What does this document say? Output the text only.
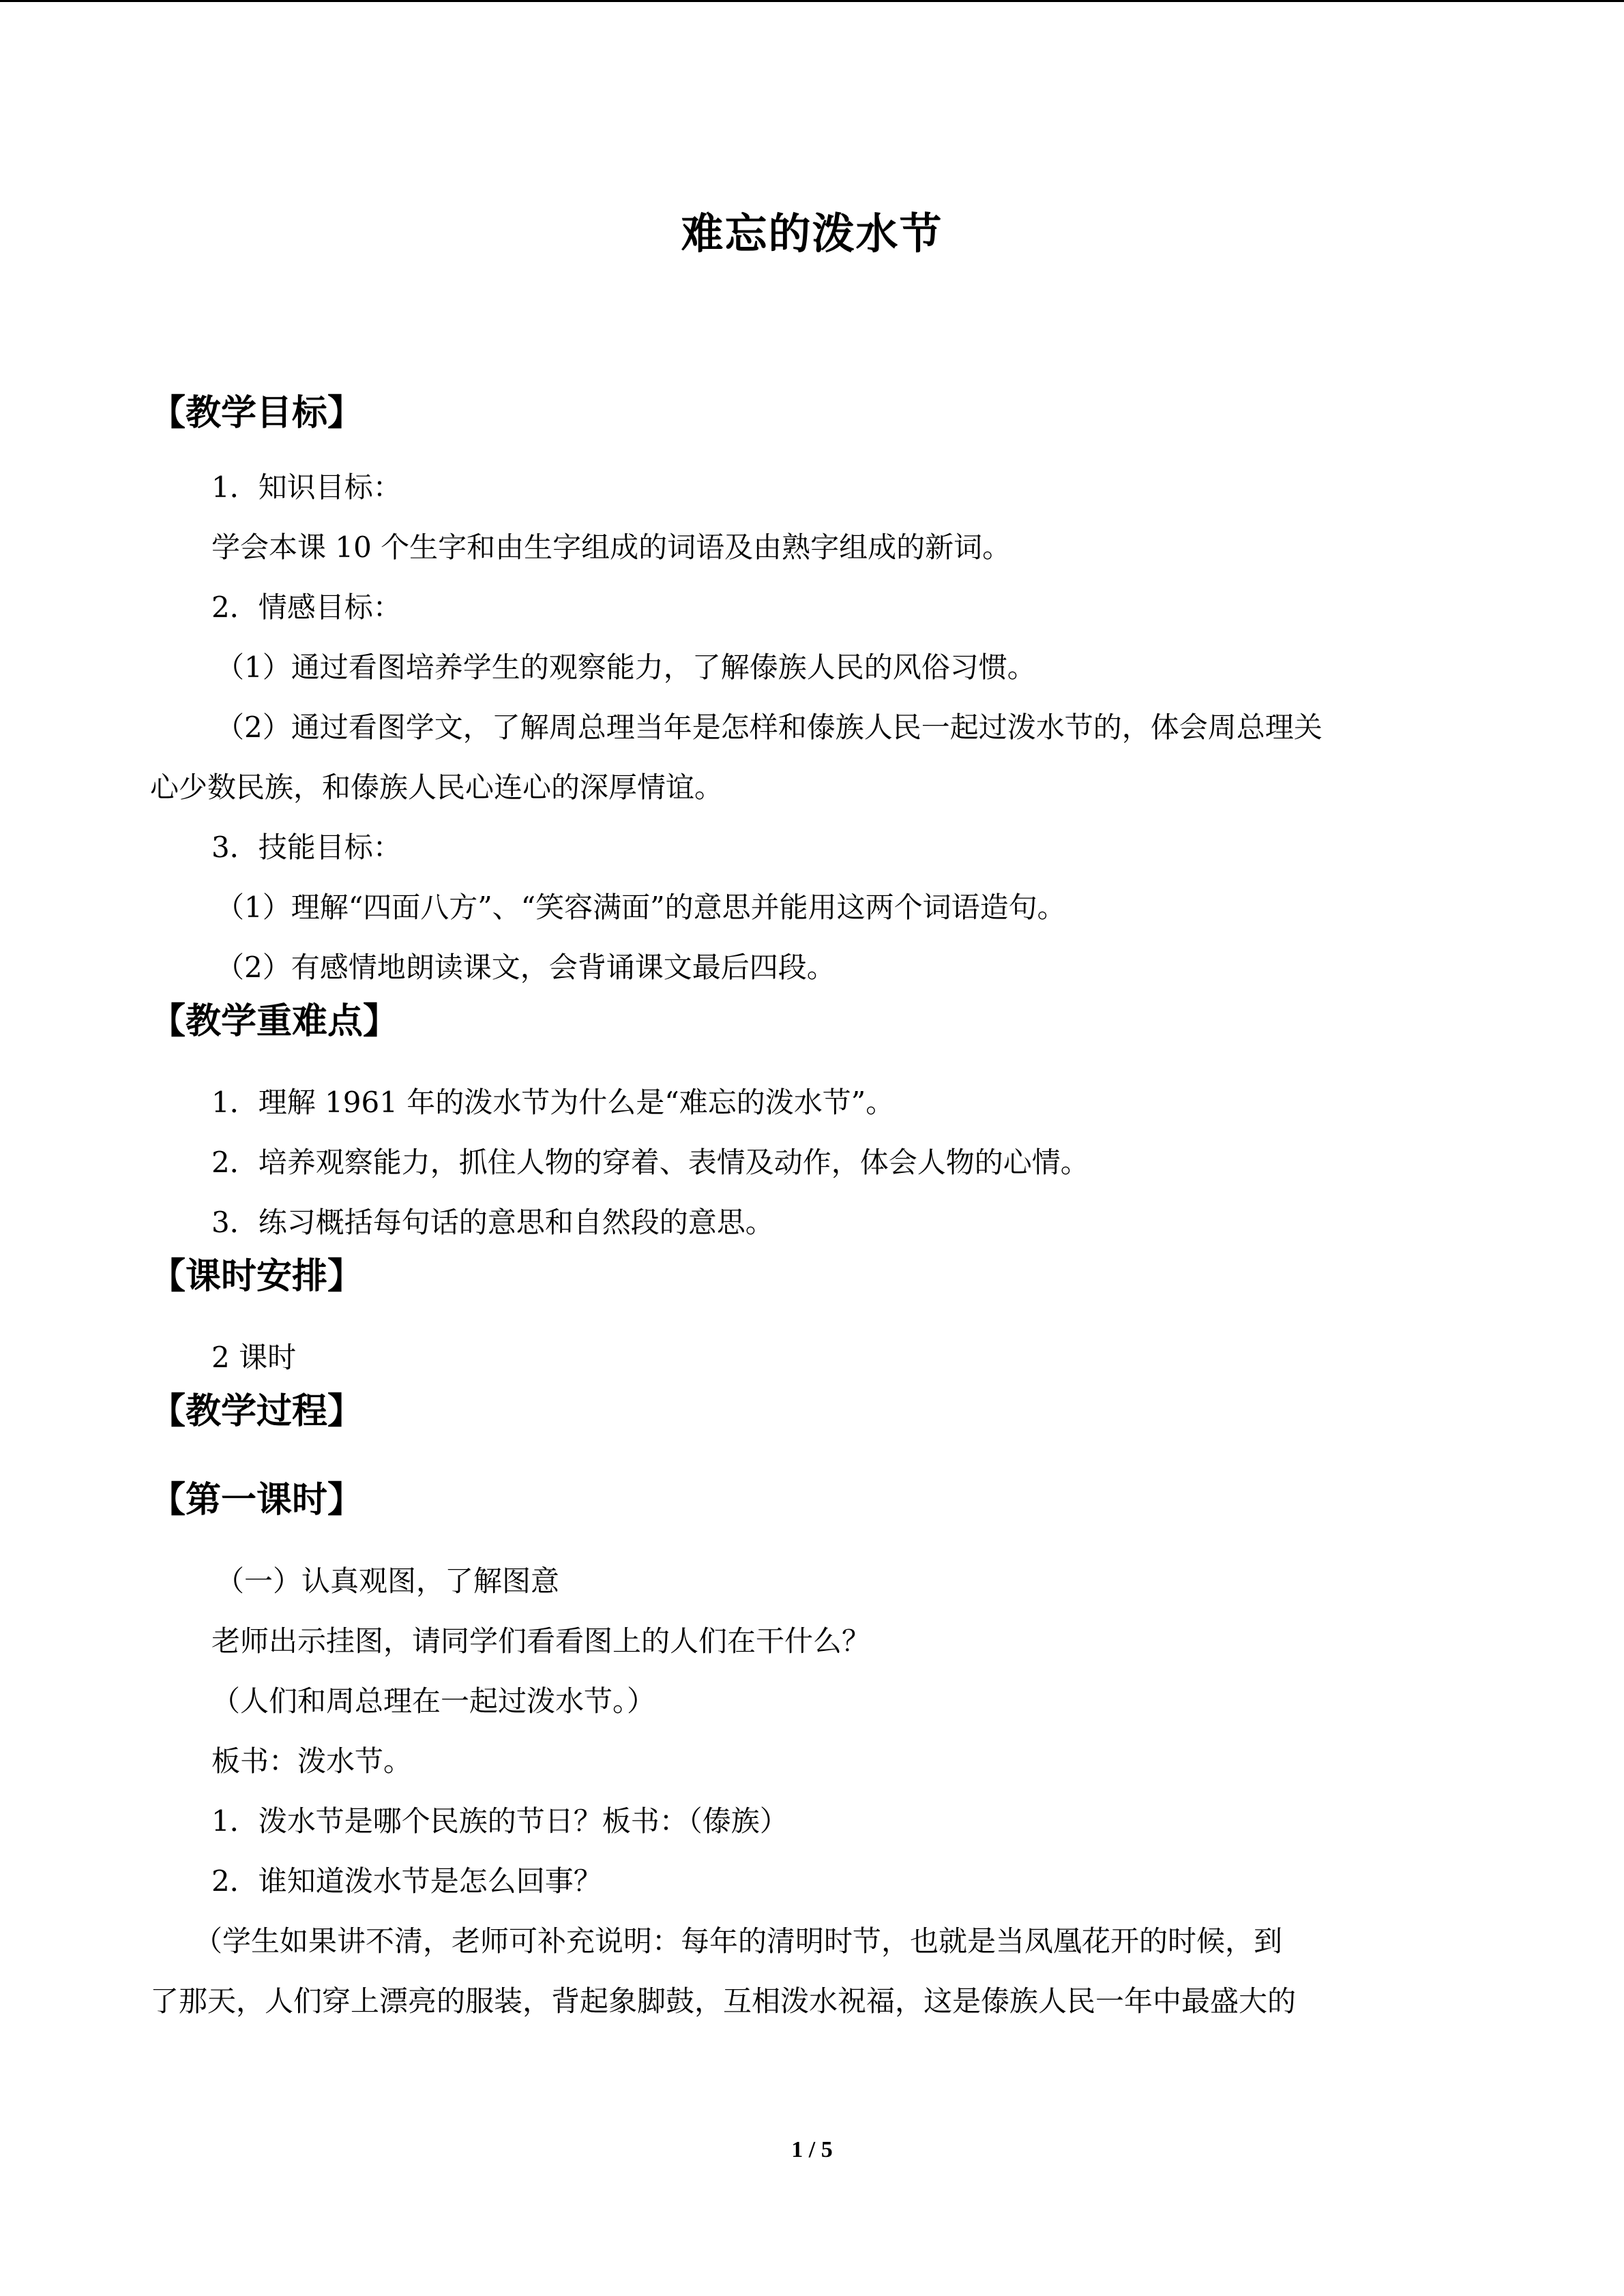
难忘的泼水节
【教学目标】
1．知识目标：
学会本课 10 个生字和由生字组成的词语及由熟字组成的新词。
2．情感目标：
（1）通过看图培养学生的观察能力，了解傣族人民的风俗习惯。
（2）通过看图学文，了解周总理当年是怎样和傣族人民一起过泼水节的，体会周总理关
心少数民族，和傣族人民心连心的深厚情谊。
3．技能目标：
（1）理解“四面八方”、“笑容满面”的意思并能用这两个词语造句。
（2）有感情地朗读课文，会背诵课文最后四段。
【教学重难点】
1．理解 1961 年的泼水节为什么是“难忘的泼水节”。
2．培养观察能力，抓住人物的穿着、表情及动作，体会人物的心情。
3．练习概括每句话的意思和自然段的意思。
【课时安排】
2 课时
【教学过程】
【第一课时】
（一）认真观图，了解图意
老师出示挂图，请同学们看看图上的人们在干什么？
（人们和周总理在一起过泼水节。）
板书：泼水节。
1．泼水节是哪个民族的节日？板书：（傣族）
2．谁知道泼水节是怎么回事？
（学生如果讲不清，老师可补充说明：每年的清明时节，也就是当凤凰花开的时候，到
了那天，人们穿上漂亮的服装，背起象脚鼓，互相泼水祝福，这是傣族人民一年中最盛大的
1 / 5
